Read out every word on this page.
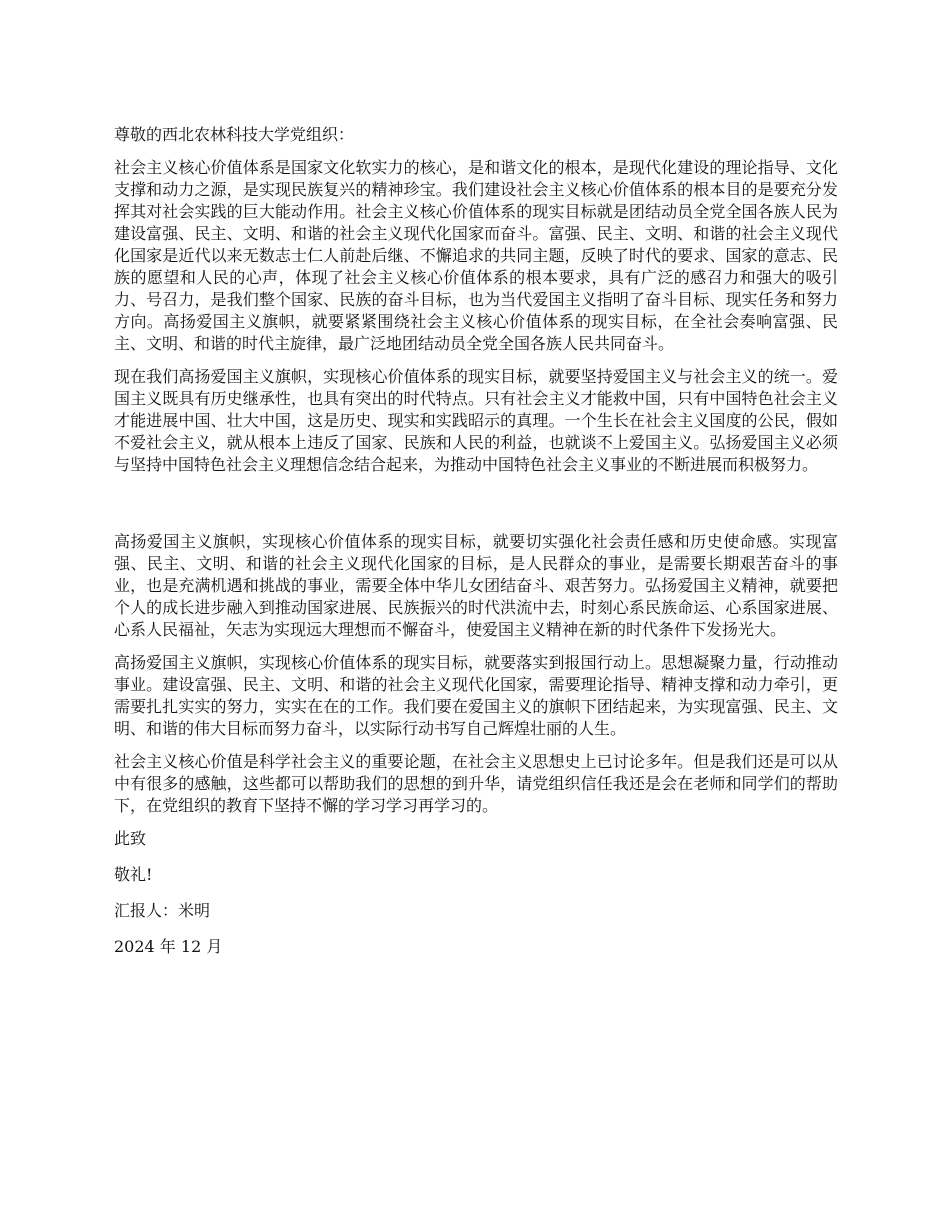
尊敬的西北农林科技大学党组织：

社会主义核心价值体系是国家文化软实力的核心，是和谐文化的根本，是现代化建设的理论指导、文化支撑和动力之源，是实现民族复兴的精神珍宝。我们建设社会主义核心价值体系的根本目的是要充分发挥其对社会实践的巨大能动作用。社会主义核心价值体系的现实目标就是团结动员全党全国各族人民为建设富强、民主、文明、和谐的社会主义现代化国家而奋斗。富强、民主、文明、和谐的社会主义现代化国家是近代以来无数志士仁人前赴后继、不懈追求的共同主题，反映了时代的要求、国家的意志、民族的愿望和人民的心声，体现了社会主义核心价值体系的根本要求，具有广泛的感召力和强大的吸引力、号召力，是我们整个国家、民族的奋斗目标，也为当代爱国主义指明了奋斗目标、现实任务和努力方向。高扬爱国主义旗帜，就要紧紧围绕社会主义核心价值体系的现实目标，在全社会奏响富强、民主、文明、和谐的时代主旋律，最广泛地团结动员全党全国各族人民共同奋斗。

现在我们高扬爱国主义旗帜，实现核心价值体系的现实目标，就要坚持爱国主义与社会主义的统一。爱国主义既具有历史继承性，也具有突出的时代特点。只有社会主义才能救中国，只有中国特色社会主义才能进展中国、壮大中国，这是历史、现实和实践昭示的真理。一个生长在社会主义国度的公民，假如不爱社会主义，就从根本上违反了国家、民族和人民的利益，也就谈不上爱国主义。弘扬爱国主义必须与坚持中国特色社会主义理想信念结合起来，为推动中国特色社会主义事业的不断进展而积极努力。

高扬爱国主义旗帜，实现核心价值体系的现实目标，就要切实强化社会责任感和历史使命感。实现富强、民主、文明、和谐的社会主义现代化国家的目标，是人民群众的事业，是需要长期艰苦奋斗的事业，也是充满机遇和挑战的事业，需要全体中华儿女团结奋斗、艰苦努力。弘扬爱国主义精神，就要把个人的成长进步融入到推动国家进展、民族振兴的时代洪流中去，时刻心系民族命运、心系国家进展、心系人民福祉，矢志为实现远大理想而不懈奋斗，使爱国主义精神在新的时代条件下发扬光大。

高扬爱国主义旗帜，实现核心价值体系的现实目标，就要落实到报国行动上。思想凝聚力量，行动推动事业。建设富强、民主、文明、和谐的社会主义现代化国家，需要理论指导、精神支撑和动力牵引，更需要扎扎实实的努力，实实在在的工作。我们要在爱国主义的旗帜下团结起来，为实现富强、民主、文明、和谐的伟大目标而努力奋斗，以实际行动书写自己辉煌壮丽的人生。

社会主义核心价值是科学社会主义的重要论题，在社会主义思想史上已讨论多年。但是我们还是可以从中有很多的感触，这些都可以帮助我们的思想的到升华，请党组织信任我还是会在老师和同学们的帮助下，在党组织的教育下坚持不懈的学习学习再学习的。

此致
敬礼!
汇报人：米明
2024 年 12 月
